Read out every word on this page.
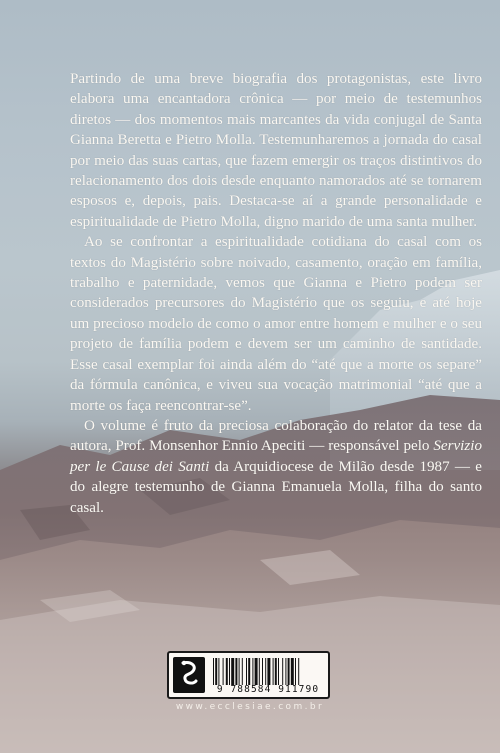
Partindo de uma breve biografia dos protagonistas, este livro elabora uma encantadora crônica — por meio de testemunhos diretos — dos momentos mais marcantes da vida conjugal de Santa Gianna Beretta e Pietro Molla. Testemunharemos a jornada do casal por meio das suas cartas, que fazem emergir os traços distintivos do relacionamento dos dois desde enquanto namorados até se tornarem esposos e, depois, pais. Destaca-se aí a grande personalidade e espiritualidade de Pietro Molla, digno marido de uma santa mulher.

Ao se confrontar a espiritualidade cotidiana do casal com os textos do Magistério sobre noivado, casamento, oração em família, trabalho e paternidade, vemos que Gianna e Pietro podem ser considerados precursores do Magistério que os seguiu, e até hoje um precioso modelo de como o amor entre homem e mulher e o seu projeto de família podem e devem ser um caminho de santidade. Esse casal exemplar foi ainda além do “até que a morte os separe” da fórmula canônica, e viveu sua vocação matrimonial “até que a morte os faça reencontrar-se”.

O volume é fruto da preciosa colaboração do relator da tese da autora, Prof. Monsenhor Ennio Apeciti — responsável pelo Servizio per le Cause dei Santi da Arquidiocese de Milão desde 1987 — e do alegre testemunho de Gianna Emanuela Molla, filha do santo casal.

9 788584 911790
www.ecclesiae.com.br
